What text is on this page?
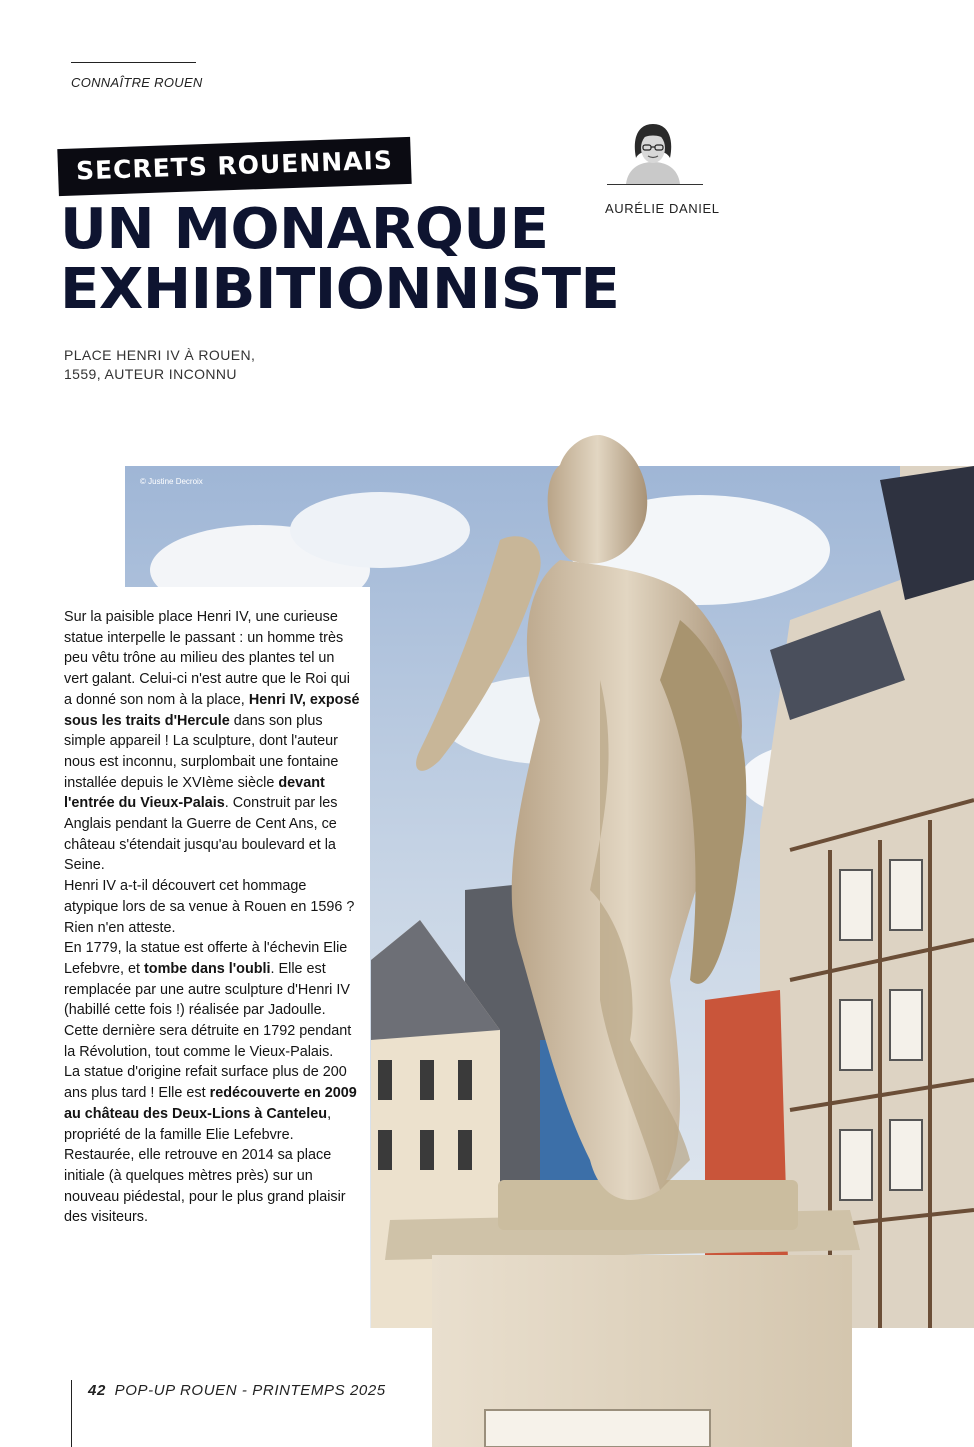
CONNAÎTRE ROUEN
SECRETS ROUENNAIS
UN MONARQUE
EXHIBITIONNISTE
AURÉLIE DANIEL
PLACE HENRI IV À ROUEN,
1559, AUTEUR INCONNU
© Justine Decroix

Sur la paisible place Henri IV, une curieuse statue interpelle le passant : un homme très peu vêtu trône au milieu des plantes tel un vert galant. Celui-ci n'est autre que le Roi qui a donné son nom à la place, Henri IV, exposé sous les traits d'Hercule dans son plus simple appareil ! La sculpture, dont l'auteur nous est inconnu, surplombait une fontaine installée depuis le XVIème siècle devant l'entrée du Vieux-Palais. Construit par les Anglais pendant la Guerre de Cent Ans, ce château s'étendait jusqu'au boulevard et la Seine.

Henri IV a-t-il découvert cet hommage atypique lors de sa venue à Rouen en 1596 ? Rien n'en atteste.

En 1779, la statue est offerte à l'échevin Elie Lefebvre, et tombe dans l'oubli. Elle est remplacée par une autre sculpture d'Henri IV (habillé cette fois !) réalisée par Jadoulle. Cette dernière sera détruite en 1792 pendant la Révolution, tout comme le Vieux-Palais.

La statue d'origine refait surface plus de 200 ans plus tard ! Elle est redécouverte en 2009 au château des Deux-Lions à Canteleu, propriété de la famille Elie Lefebvre. Restaurée, elle retrouve en 2014 sa place initiale (à quelques mètres près) sur un nouveau piédestal, pour le plus grand plaisir des visiteurs.

42 POP-UP ROUEN - PRINTEMPS 2025
